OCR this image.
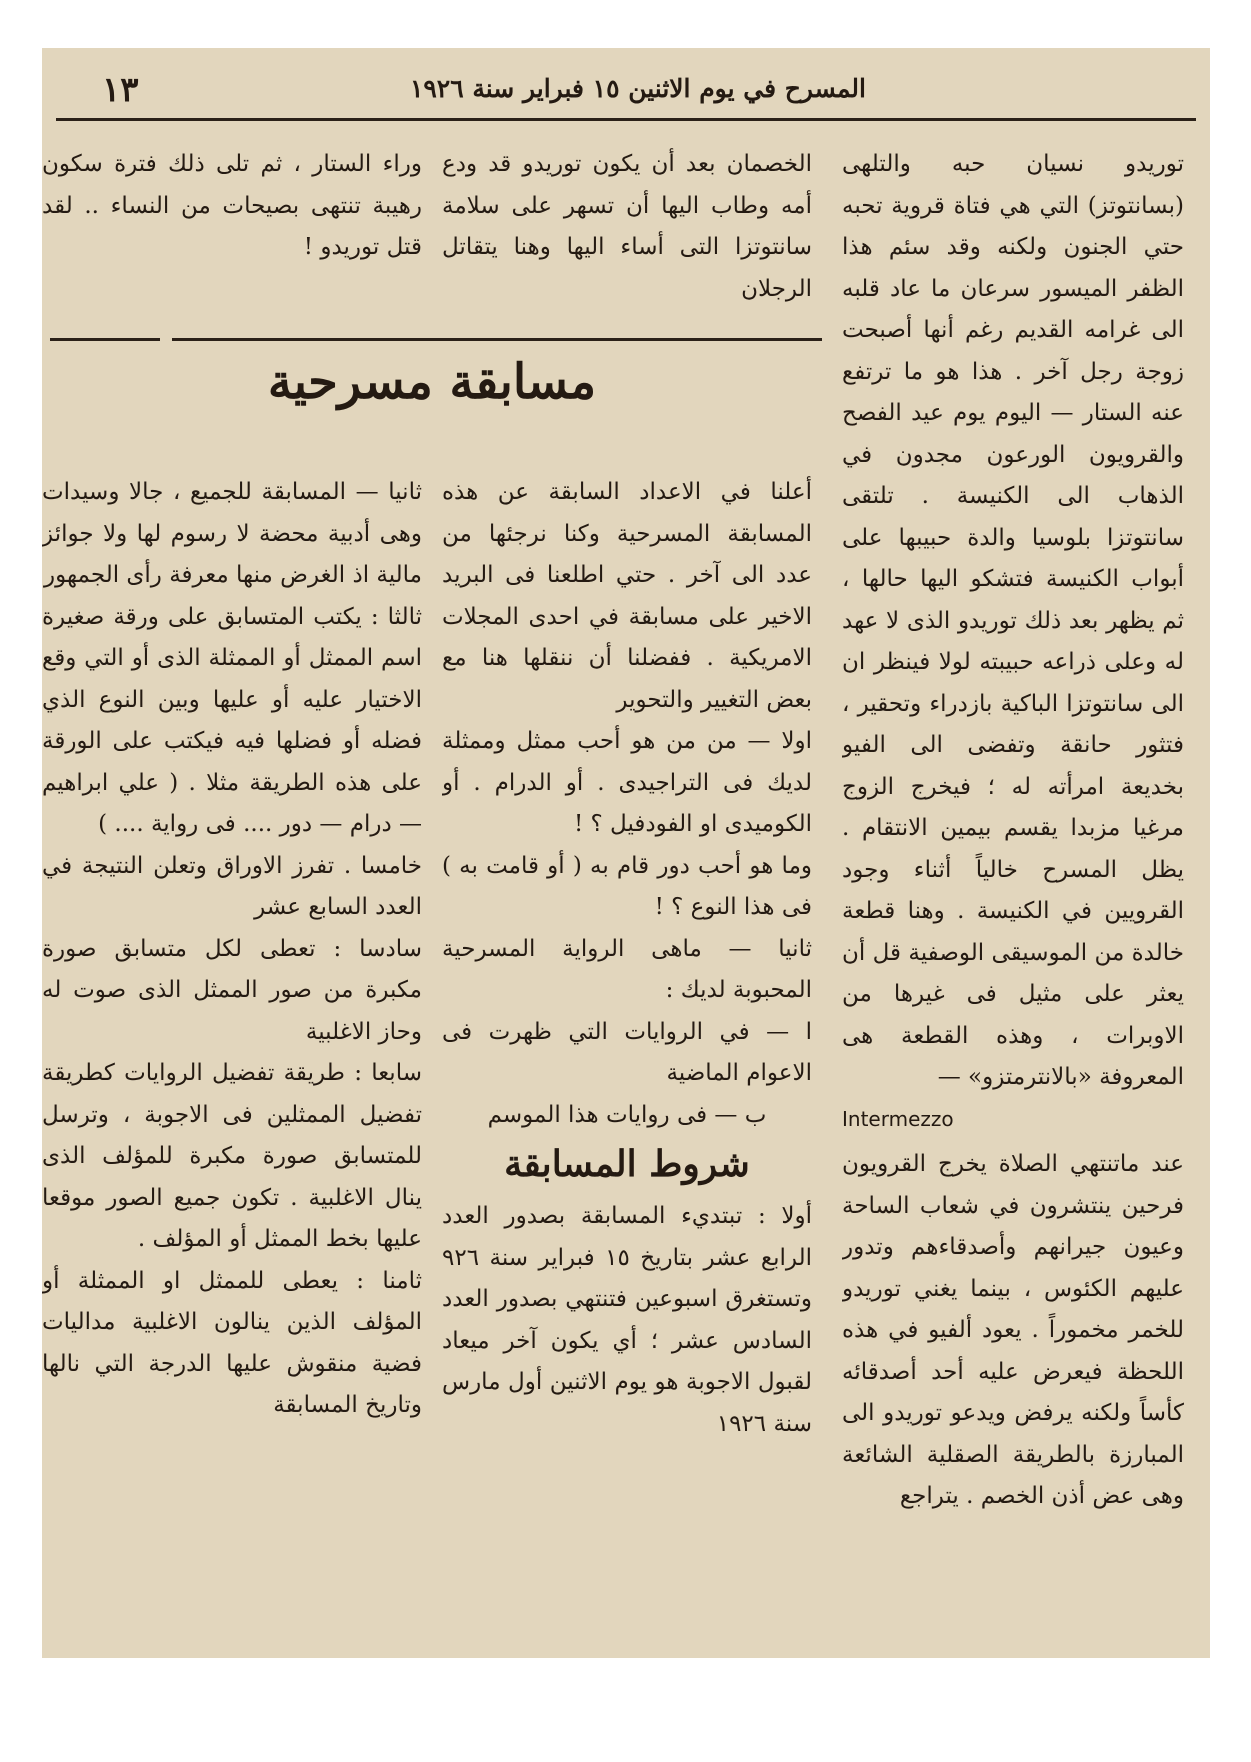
١٣	المسرح في يوم الاثنين ١٥ فبراير سنة ١٩٢٦

توريدو نسيان حبه والتلهى (بسانتوتز) التي هي فتاة قروية تحبه حتي الجنون ولكنه وقد سئم هذا الظفر الميسور سرعان ما عاد قلبه الى غرامه القديم رغم أنها أصبحت زوجة رجل آخر . هذا هو ما ترتفع عنه الستار — اليوم يوم عيد الفصح والقرويون الورعون مجدون في الذهاب الى الكنيسة . تلتقى سانتوتزا بلوسيا والدة حبيبها على أبواب الكنيسة فتشكو اليها حالها ، ثم يظهر بعد ذلك توريدو الذى لا عهد له وعلى ذراعه حبيبته لولا فينظر ان الى سانتوتزا الباكية بازدراء وتحقير ، فتثور حانقة وتفضى الى الفيو بخديعة امرأته له ؛ فيخرج الزوج مرغيا مزبدا يقسم بيمين الانتقام . يظل المسرح خالياً أثناء وجود القرويين في الكنيسة . وهنا قطعة خالدة من الموسيقى الوصفية قل أن يعثر على مثيل فى غيرها من الاوبرات ، وهذه القطعة هى المعروفة «بالانترمتزو» —

Intermezzo

عند ماتنتهي الصلاة يخرج القرويون فرحين ينتشرون في شعاب الساحة وعيون جيرانهم وأصدقاءهم وتدور عليهم الكئوس ، بينما يغني توريدو للخمر مخموراً . يعود ألفيو في هذه اللحظة فيعرض عليه أحد أصدقائه كأساً ولكنه يرفض ويدعو توريدو الى المبارزة بالطريقة الصقلية الشائعة وهى عض أذن الخصم . يتراجع

الخصمان بعد أن يكون توريدو قد ودع أمه وطاب اليها أن تسهر على سلامة سانتوتزا التى أساء اليها وهنا يتقاتل الرجلان

وراء الستار ، ثم تلى ذلك فترة سكون رهيبة تنتهى بصيحات من النساء .. لقد قتل توريدو !

مسابقة مسرحية

أعلنا في الاعداد السابقة عن هذه المسابقة المسرحية وكنا نرجئها من عدد الى آخر . حتي اطلعنا فى البريد الاخير على مسابقة في احدى المجلات الامريكية . ففضلنا أن ننقلها هنا مع بعض التغيير والتحوير

اولا — من من هو أحب ممثل وممثلة لديك فى التراجيدى . أو الدرام . أو الكوميدى او الفودفيل ؟ !

وما هو أحب دور قام به ( أو قامت به ) فى هذا النوع ؟ !

ثانيا — ماهى الرواية المسرحية المحبوبة لديك :

ا — في الروايات التي ظهرت فى الاعوام الماضية

ب — فى روايات هذا الموسم

شروط المسابقة

أولا : تبتديء المسابقة بصدور العدد الرابع عشر بتاريخ ١٥ فبراير سنة ٩٢٦ وتستغرق اسبوعين فتنتهي بصدور العدد السادس عشر ؛ أي يكون آخر ميعاد لقبول الاجوبة هو يوم الاثنين أول مارس سنة ١٩٢٦

ثانيا — المسابقة للجميع ، جالا وسيدات وهى أدبية محضة لا رسوم لها ولا جوائز مالية اذ الغرض منها معرفة رأى الجمهور

ثالثا : يكتب المتسابق على ورقة صغيرة اسم الممثل أو الممثلة الذى أو التي وقع الاختيار عليه أو عليها وبين النوع الذي فضله أو فضلها فيه فيكتب على الورقة على هذه الطريقة مثلا . ( علي ابراهيم — درام — دور .... فى رواية .... )

خامسا . تفرز الاوراق وتعلن النتيجة في العدد السابع عشر

سادسا : تعطى لكل متسابق صورة مكبرة من صور الممثل الذى صوت له وحاز الاغلبية

سابعا : طريقة تفضيل الروايات كطريقة تفضيل الممثلين فى الاجوبة ، وترسل للمتسابق صورة مكبرة للمؤلف الذى ينال الاغلبية . تكون جميع الصور موقعا عليها بخط الممثل أو المؤلف .

ثامنا : يعطى للممثل او الممثلة أو المؤلف الذين ينالون الاغلبية مداليات فضية منقوش عليها الدرجة التي نالها وتاريخ المسابقة
